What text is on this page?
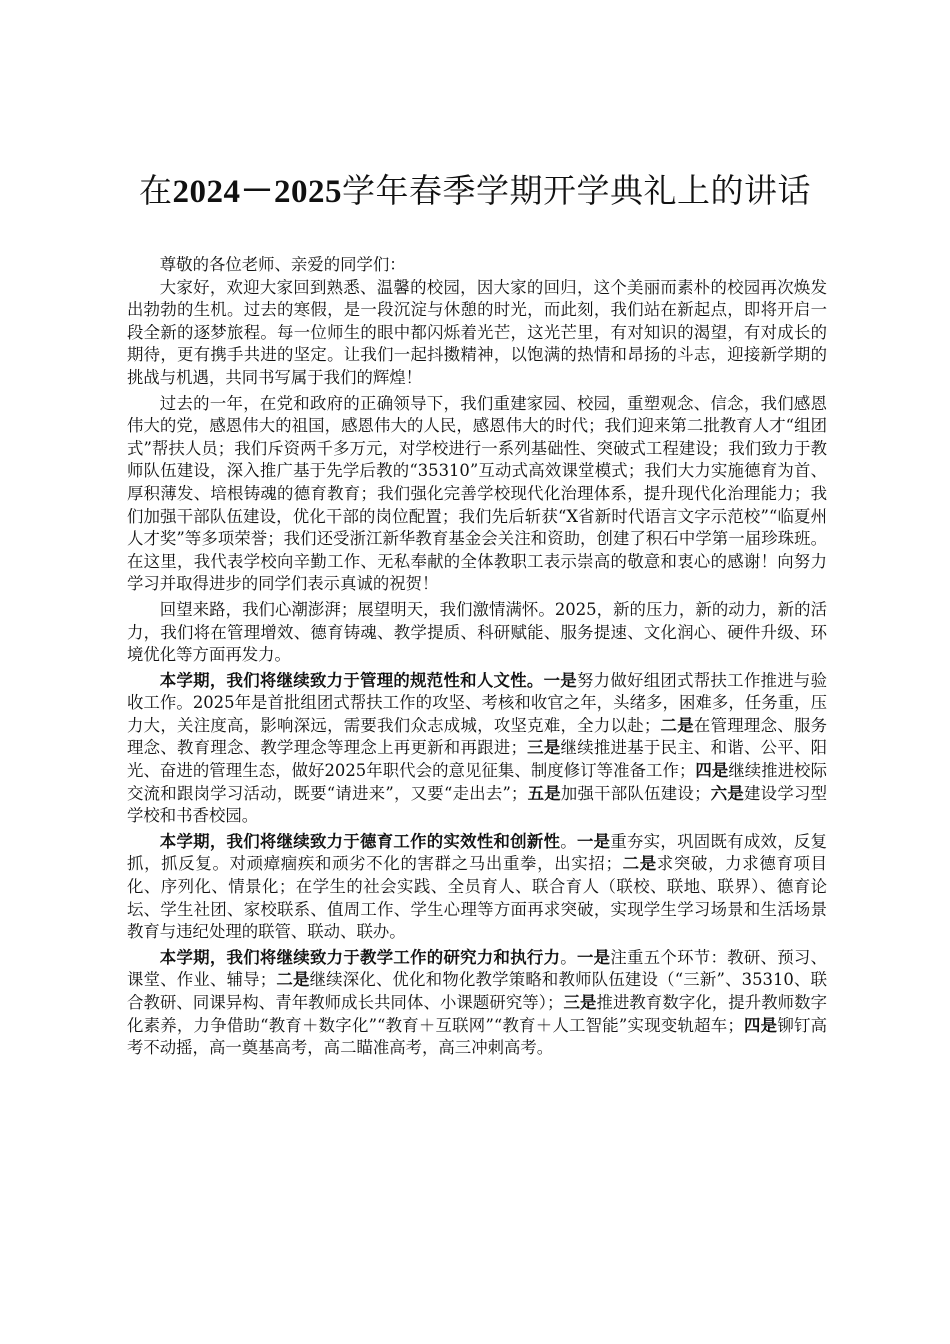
在2024－2025学年春季学期开学典礼上的讲话

尊敬的各位老师、亲爱的同学们：

大家好，欢迎大家回到熟悉、温馨的校园，因大家的回归，这个美丽而素朴的校园再次焕发出勃勃的生机。过去的寒假，是一段沉淀与休憩的时光，而此刻，我们站在新起点，即将开启一段全新的逐梦旅程。每一位师生的眼中都闪烁着光芒，这光芒里，有对知识的渴望，有对成长的期待，更有携手共进的坚定。让我们一起抖擞精神，以饱满的热情和昂扬的斗志，迎接新学期的挑战与机遇，共同书写属于我们的辉煌！

过去的一年，在党和政府的正确领导下，我们重建家园、校园，重塑观念、信念，我们感恩伟大的党，感恩伟大的祖国，感恩伟大的人民，感恩伟大的时代；我们迎来第二批教育人才“组团式”帮扶人员；我们斥资两千多万元，对学校进行一系列基础性、突破式工程建设；我们致力于教师队伍建设，深入推广基于先学后教的“35310”互动式高效课堂模式；我们大力实施德育为首、厚积薄发、培根铸魂的德育教育；我们强化完善学校现代化治理体系，提升现代化治理能力；我们加强干部队伍建设，优化干部的岗位配置；我们先后斩获“X省新时代语言文字示范校”“临夏州人才奖”等多项荣誉；我们还受浙江新华教育基金会关注和资助，创建了积石中学第一届珍珠班。在这里，我代表学校向辛勤工作、无私奉献的全体教职工表示崇高的敬意和衷心的感谢！向努力学习并取得进步的同学们表示真诚的祝贺！

回望来路，我们心潮澎湃；展望明天，我们激情满怀。2025，新的压力，新的动力，新的活力，我们将在管理增效、德育铸魂、教学提质、科研赋能、服务提速、文化润心、硬件升级、环境优化等方面再发力。

本学期，我们将继续致力于管理的规范性和人文性。一是努力做好组团式帮扶工作推进与验收工作。2025年是首批组团式帮扶工作的攻坚、考核和收官之年，头绪多，困难多，任务重，压力大，关注度高，影响深远，需要我们众志成城，攻坚克难，全力以赴；二是在管理理念、服务理念、教育理念、教学理念等理念上再更新和再跟进；三是继续推进基于民主、和谐、公平、阳光、奋进的管理生态，做好2025年职代会的意见征集、制度修订等准备工作；四是继续推进校际交流和跟岗学习活动，既要“请进来”，又要“走出去”；五是加强干部队伍建设；六是建设学习型学校和书香校园。

本学期，我们将继续致力于德育工作的实效性和创新性。一是重夯实，巩固既有成效，反复抓，抓反复。对顽瘴痼疾和顽劣不化的害群之马出重拳，出实招；二是求突破，力求德育项目化、序列化、情景化；在学生的社会实践、全员育人、联合育人（联校、联地、联界）、德育论坛、学生社团、家校联系、值周工作、学生心理等方面再求突破，实现学生学习场景和生活场景教育与违纪处理的联管、联动、联办。

本学期，我们将继续致力于教学工作的研究力和执行力。一是注重五个环节：教研、预习、课堂、作业、辅导；二是继续深化、优化和物化教学策略和教师队伍建设（“三新”、35310、联合教研、同课异构、青年教师成长共同体、小课题研究等）；三是推进教育数字化，提升教师数字化素养，力争借助“教育＋数字化”“教育＋互联网”“教育＋人工智能”实现变轨超车；四是铆钉高考不动摇，高一奠基高考，高二瞄准高考，高三冲刺高考。
